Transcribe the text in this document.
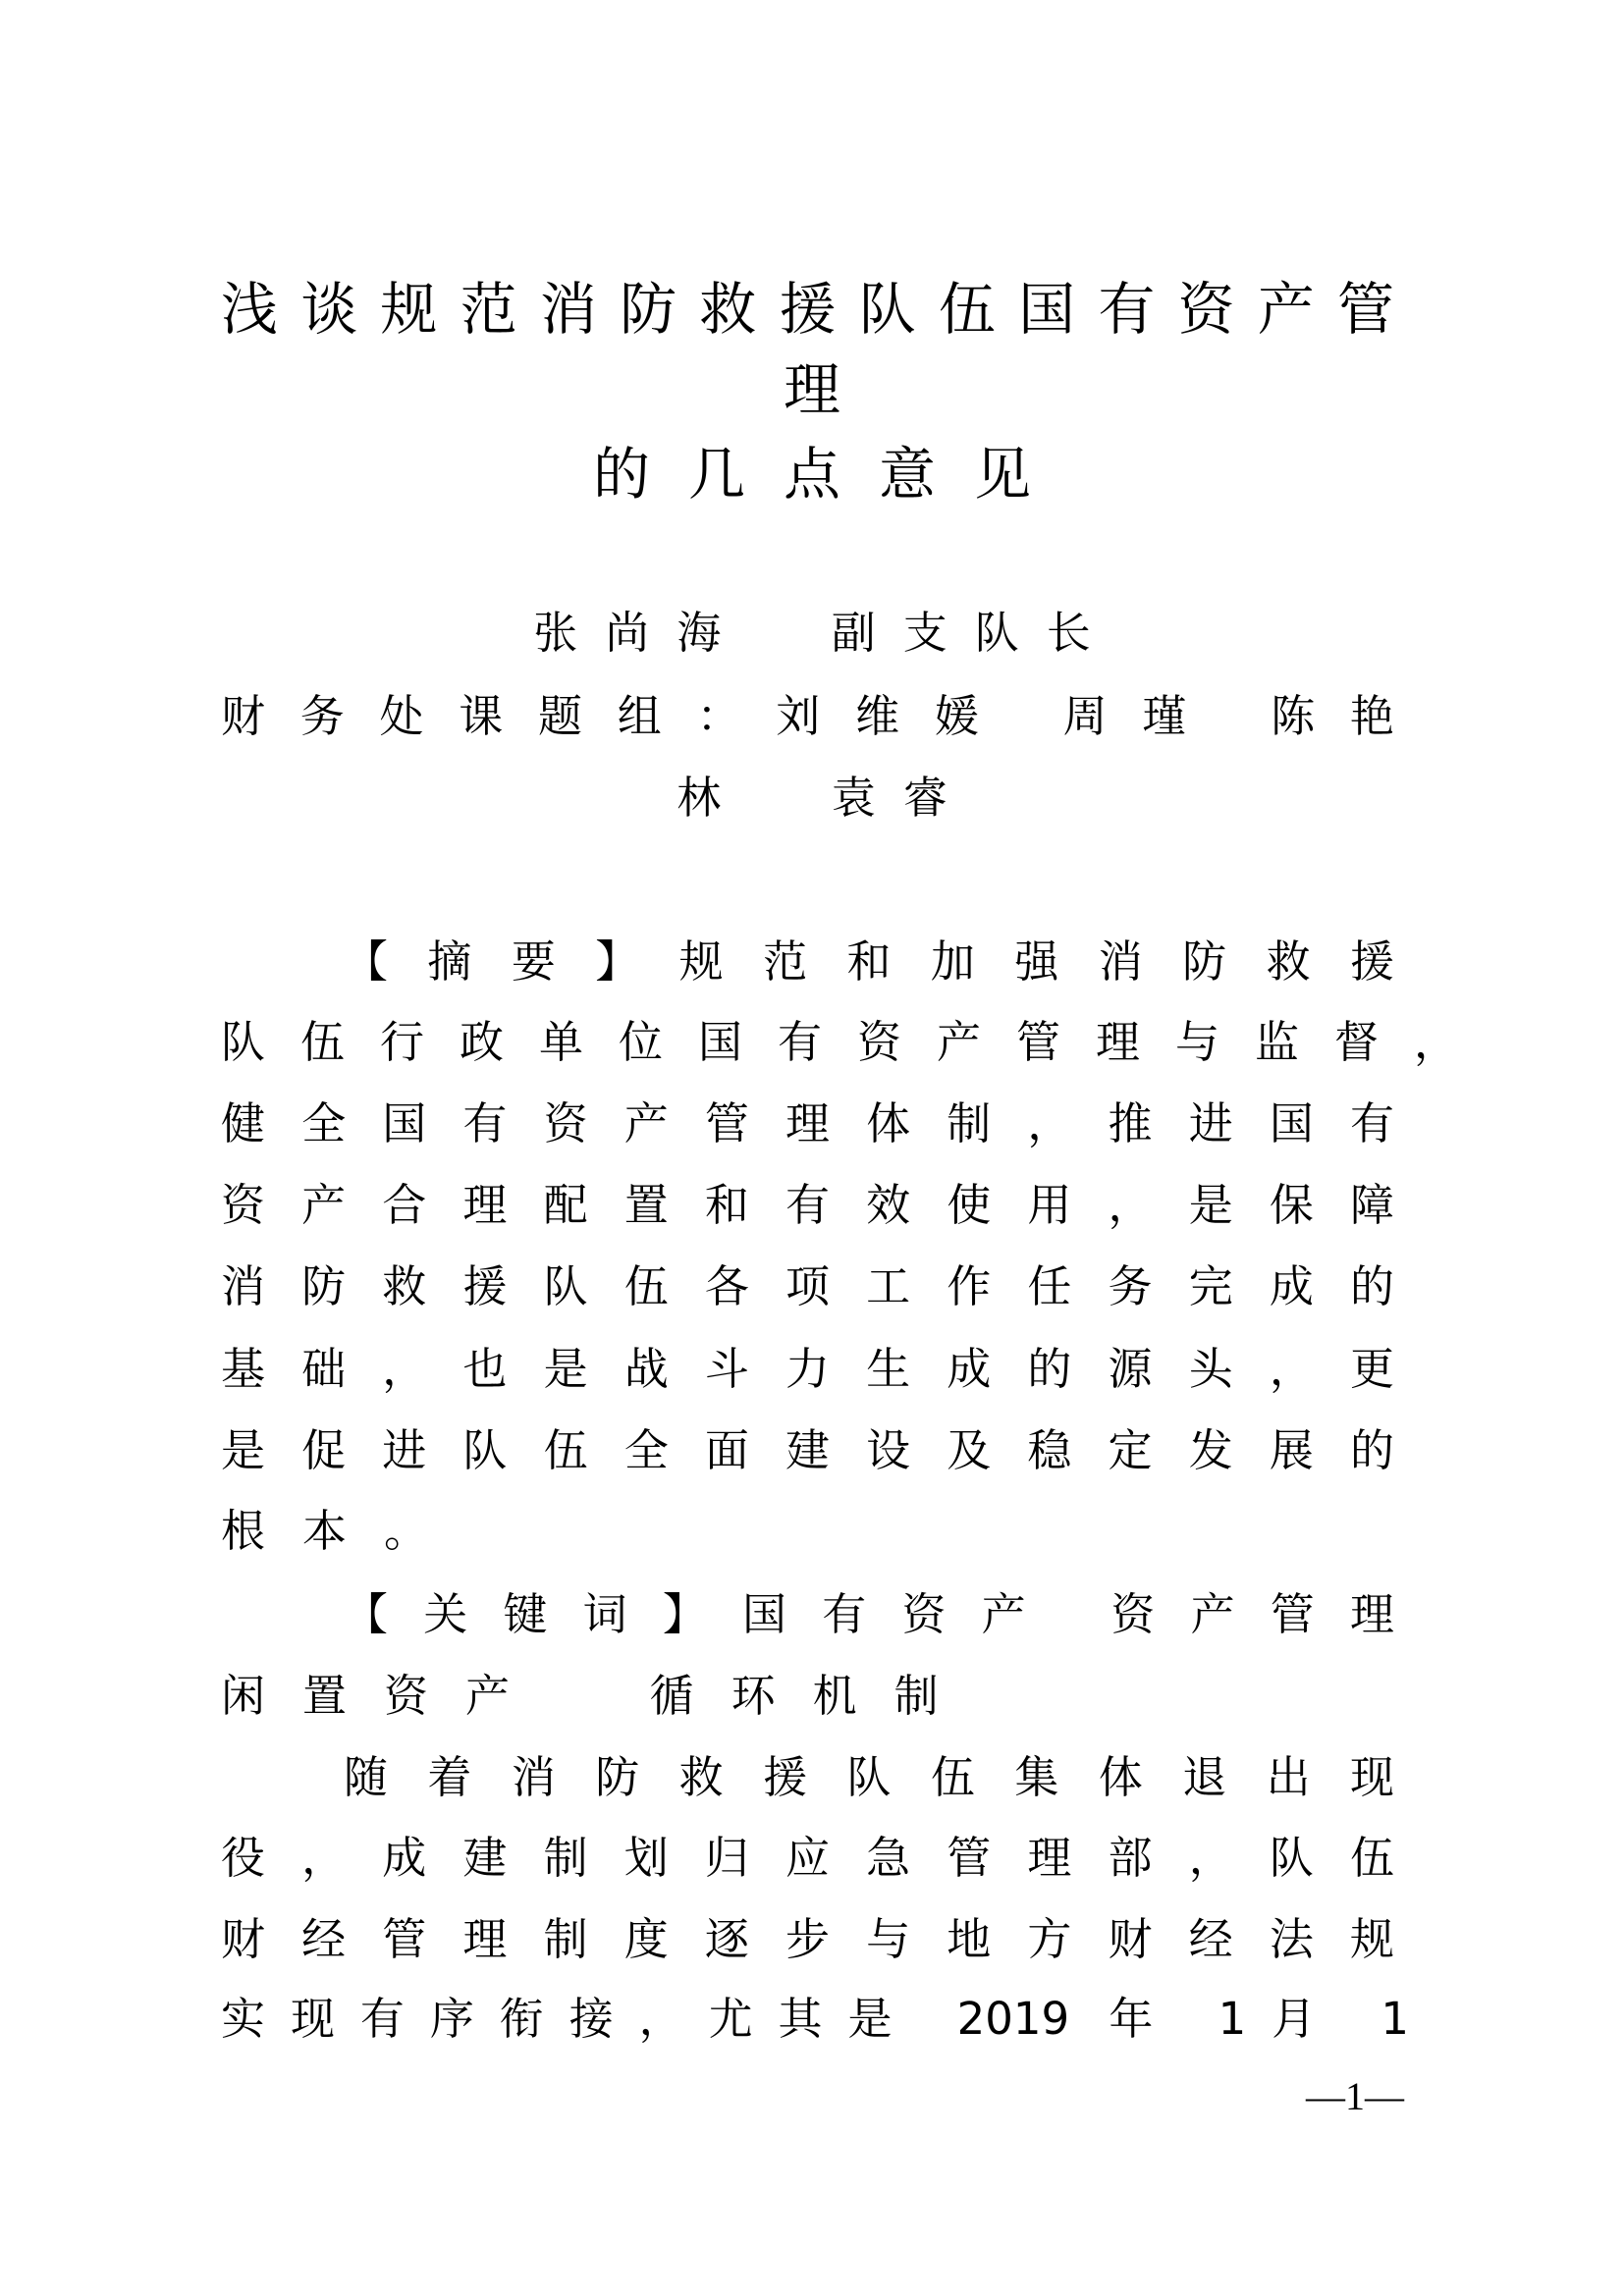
浅谈规范消防救援队伍国有资产管
理
的几点意见
张尚海  副支队长
财务处课题组：刘维媛 周瑾 陈艳
林  袁睿
【摘要】规范和加强消防救援
队伍行政单位国有资产管理与监督，
健全国有资产管理体制，推进国有
资产合理配置和有效使用，是保障
消防救援队伍各项工作任务完成的
基础，也是战斗力生成的源头，更
是促进队伍全面建设及稳定发展的
根本。
【关键词】国有资产 资产管理
闲置资产  循环机制
随着消防救援队伍集体退出现
役，成建制划归应急管理部，队伍
财经管理制度逐步与地方财经法规
实现有序衔接，尤其是 2019 年 1月 1
—1—
